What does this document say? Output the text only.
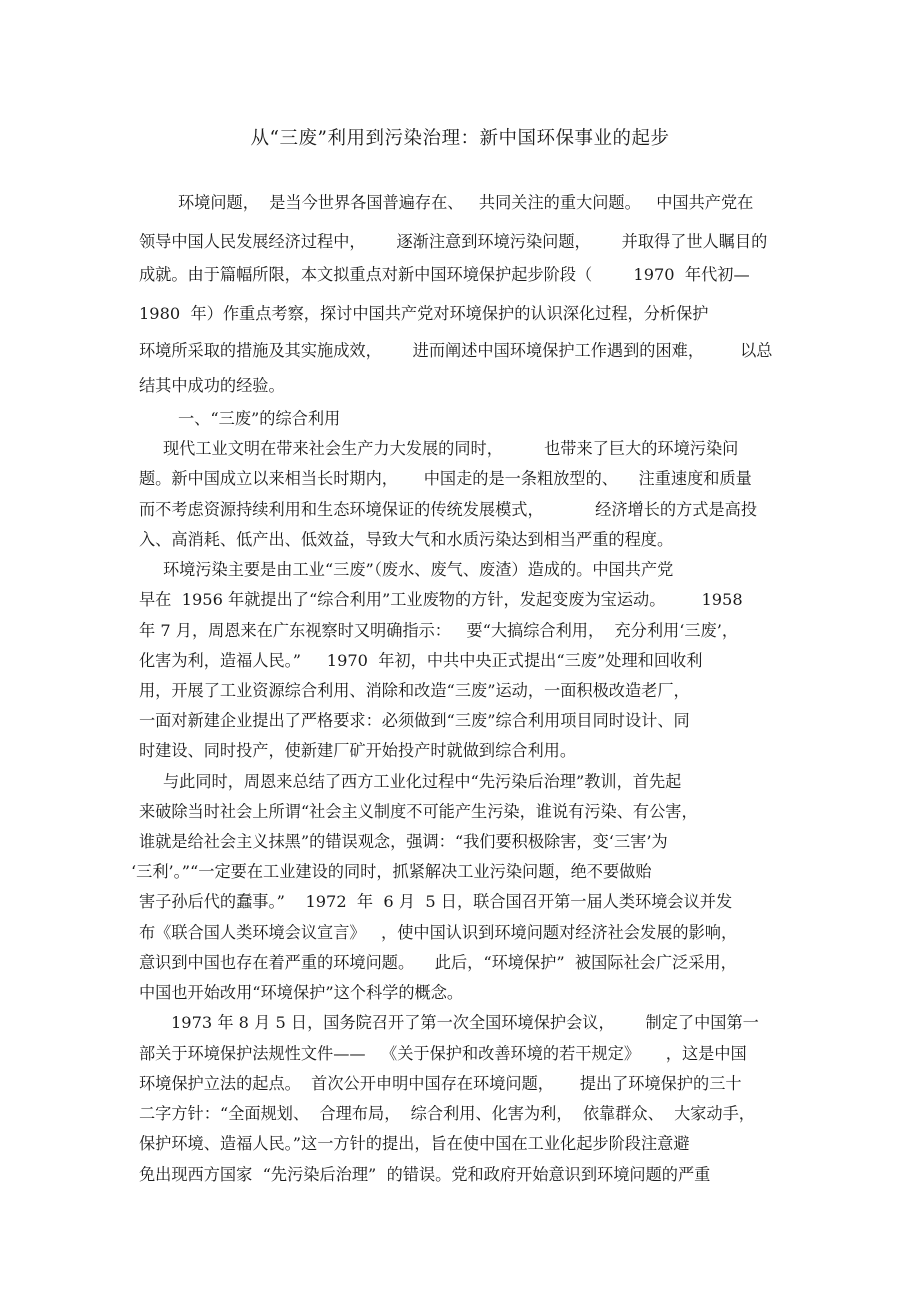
从“三废”利用到污染治理：新中国环保事业的起步
环境问题，  是当今世界各国普遍存在、   共同关注的重大问题。   中国共产党在
领导中国人民发展经济过程中，      逐渐注意到环境污染问题，      并取得了世人瞩目的
成就。由于篇幅所限，本文拟重点对新中国环境保护起步阶段（        1970  年代初—
1980  年）作重点考察，探讨中国共产党对环境保护的认识深化过程，分析保护
环境所采取的措施及其实施成效，      进而阐述中国环境保护工作遇到的困难，       以总
结其中成功的经验。
一、“三废”的综合利用
现代工业文明在带来社会生产力大发展的同时，        也带来了巨大的环境污染问
题。新中国成立以来相当长时期内，     中国走的是一条粗放型的、    注重速度和质量
而不考虑资源持续利用和生态环境保证的传统发展模式，          经济增长的方式是高投
入、高消耗、低产出、低效益，导致大气和水质污染达到相当严重的程度。
环境污染主要是由工业“三废”（废水、废气、废渣）造成的。中国共产党
早在  1956 年就提出了“综合利用”工业废物的方针，发起变废为宝运动。       1958
年 7 月，周恩来在广东视察时又明确指示：   要“大搞综合利用，  充分利用‘三废’，
化害为利，造福人民。”     1970  年初，中共中央正式提出“三废”处理和回收利
用，开展了工业资源综合利用、消除和改造“三废”运动，一面积极改造老厂，
一面对新建企业提出了严格要求：必须做到“三废”综合利用项目同时设计、同
时建设、同时投产，使新建厂矿开始投产时就做到综合利用。
与此同时，周恩来总结了西方工业化过程中“先污染后治理”教训，首先起
来破除当时社会上所谓“社会主义制度不可能产生污染，谁说有污染、有公害，
谁就是给社会主义抹黑”的错误观念，强调：“我们要积极除害，变‘三害’为
‘三利’。”“一定要在工业建设的同时，抓紧解决工业污染问题，绝不要做贻
害子孙后代的蠢事。”    1972  年  6 月  5 日，联合国召开第一届人类环境会议并发
布《联合国人类环境会议宣言》   ，使中国认识到环境问题对经济社会发展的影响，
意识到中国也存在着严重的环境问题。    此后，“环境保护”  被国际社会广泛采用，
中国也开始改用“环境保护”这个科学的概念。
1973 年 8 月 5 日，国务院召开了第一次全国环境保护会议，      制定了中国第一
部关于环境保护法规性文件——   《关于保护和改善环境的若干规定》     ，这是中国
环境保护立法的起点。  首次公开申明中国存在环境问题，     提出了环境保护的三十
二字方针：“全面规划、  合理布局，  综合利用、化害为利，  依靠群众、  大家动手，
保护环境、造福人民。”这一方针的提出，旨在使中国在工业化起步阶段注意避
免出现西方国家  “先污染后治理”  的错误。党和政府开始意识到环境问题的严重
